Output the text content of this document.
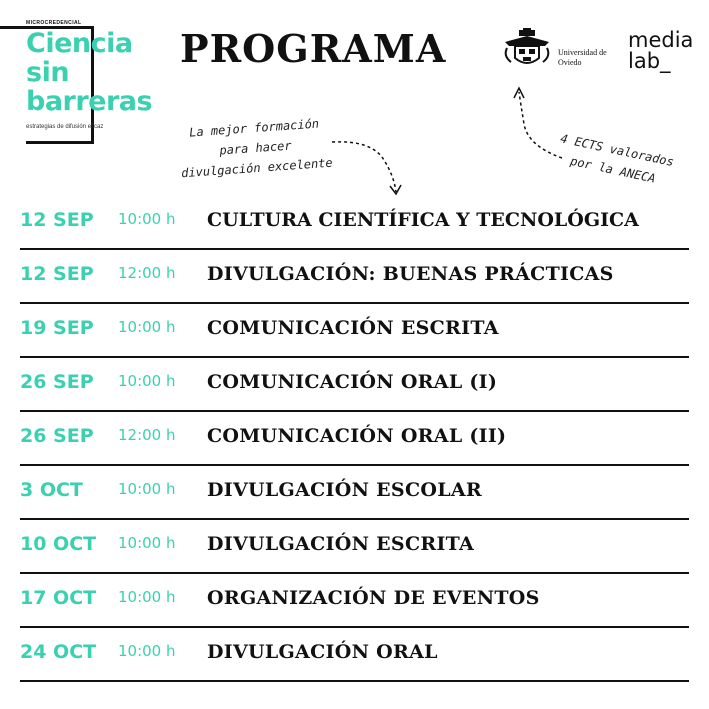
MICROCREDENCIAL
Ciencia
sin
barreras
estrategias de difusión eficaz
PROGRAMA	Universidad de Oviedo
media lab_
La mejor formación
para hacer
divulgación excelente	4 ECTS valorados
por la ANECA
12 SEP 10:00 h CULTURA CIENTÍFICA Y TECNOLÓGICA
12 SEP 12:00 h DIVULGACIÓN: BUENAS PRÁCTICAS
19 SEP 10:00 h COMUNICACIÓN ESCRITA
26 SEP 10:00 h COMUNICACIÓN ORAL (I)
26 SEP 12:00 h COMUNICACIÓN ORAL (II)
3 OCT 10:00 h DIVULGACIÓN ESCOLAR
10 OCT 10:00 h DIVULGACIÓN ESCRITA
17 OCT 10:00 h ORGANIZACIÓN DE EVENTOS
24 OCT 10:00 h DIVULGACIÓN ORAL
